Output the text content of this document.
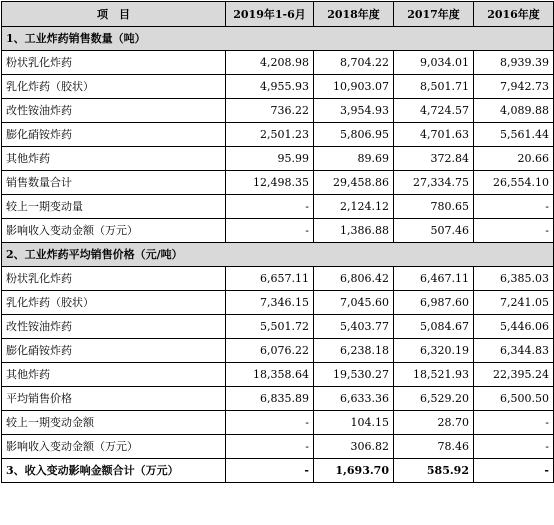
项　目	2019年1-6月	2018年度	2017年度	2016年度
1、工业炸药销售数量（吨）				
粉状乳化炸药	4,208.98	8,704.22	9,034.01	8,939.39
乳化炸药（胶状）	4,955.93	10,903.07	8,501.71	7,942.73
改性铵油炸药	736.22	3,954.93	4,724.57	4,089.88
膨化硝铵炸药	2,501.23	5,806.95	4,701.63	5,561.44
其他炸药	95.99	89.69	372.84	20.66
销售数量合计	12,498.35	29,458.86	27,334.75	26,554.10
较上一期变动量	-	2,124.12	780.65	-
影响收入变动金额（万元）	-	1,386.88	507.46	-
2、工业炸药平均销售价格（元/吨）				
粉状乳化炸药	6,657.11	6,806.42	6,467.11	6,385.03
乳化炸药（胶状）	7,346.15	7,045.60	6,987.60	7,241.05
改性铵油炸药	5,501.72	5,403.77	5,084.67	5,446.06
膨化硝铵炸药	6,076.22	6,238.18	6,320.19	6,344.83
其他炸药	18,358.64	19,530.27	18,521.93	22,395.24
平均销售价格	6,835.89	6,633.36	6,529.20	6,500.50
较上一期变动金额	-	104.15	28.70	-
影响收入变动金额（万元）	-	306.82	78.46	-
3、收入变动影响金额合计（万元）	-	1,693.70	585.92	-
